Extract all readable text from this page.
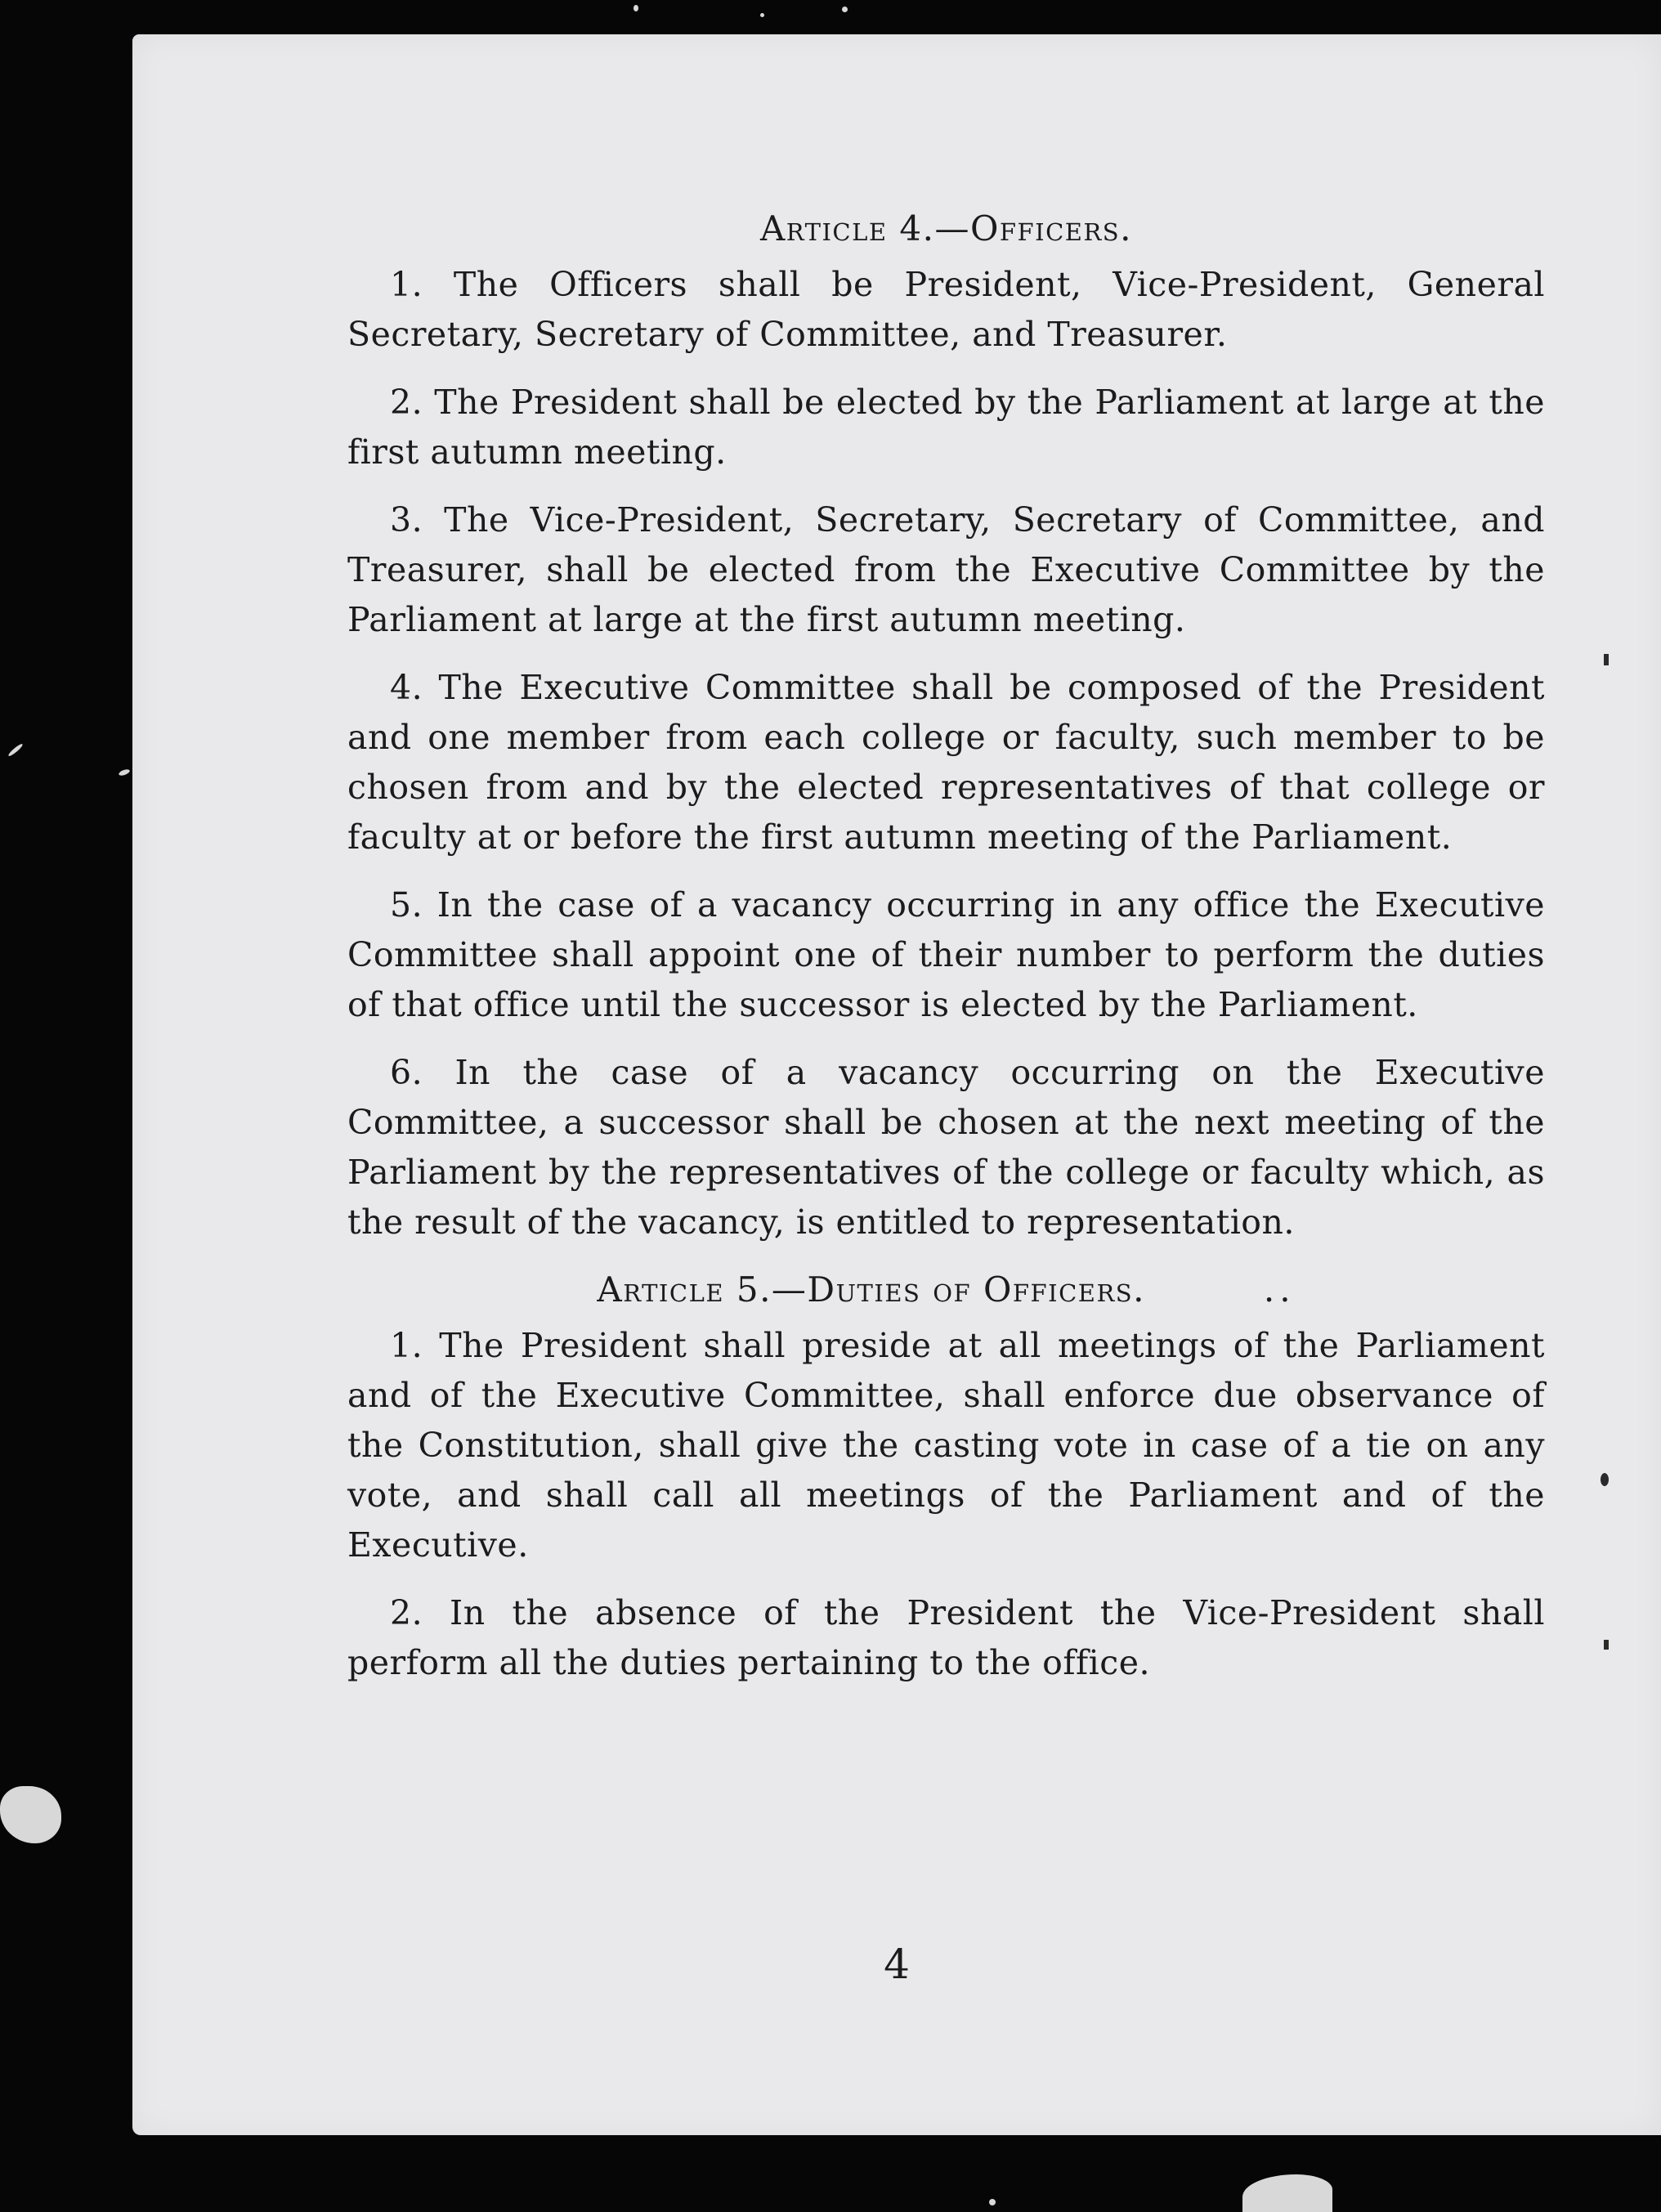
Article 4.—Officers.

1. The Officers shall be President, Vice-President, General Secretary, Secretary of Committee, and Treasurer.

2. The President shall be elected by the Parliament at large at the first autumn meeting.

3. The Vice-President, Secretary, Secretary of Committee, and Treasurer, shall be elected from the Executive Committee by the Parliament at large at the first autumn meeting.

4. The Executive Committee shall be composed of the President and one member from each college or faculty, such member to be chosen from and by the elected representatives of that college or faculty at or before the first autumn meeting of the Parliament.

5. In the case of a vacancy occurring in any office the Executive Committee shall appoint one of their number to perform the duties of that office until the successor is elected by the Parliament.

6. In the case of a vacancy occurring on the Executive Committee, a successor shall be chosen at the next meeting of the Parliament by the representatives of the college or faculty which, as the result of the vacancy, is entitled to representation.

Article 5.—Duties of Officers.	..

1. The President shall preside at all meetings of the Parliament and of the Executive Committee, shall enforce due observance of the Constitution, shall give the casting vote in case of a tie on any vote, and shall call all meetings of the Parliament and of the Executive.

2. In the absence of the President the Vice-President shall perform all the duties pertaining to the office.

4
